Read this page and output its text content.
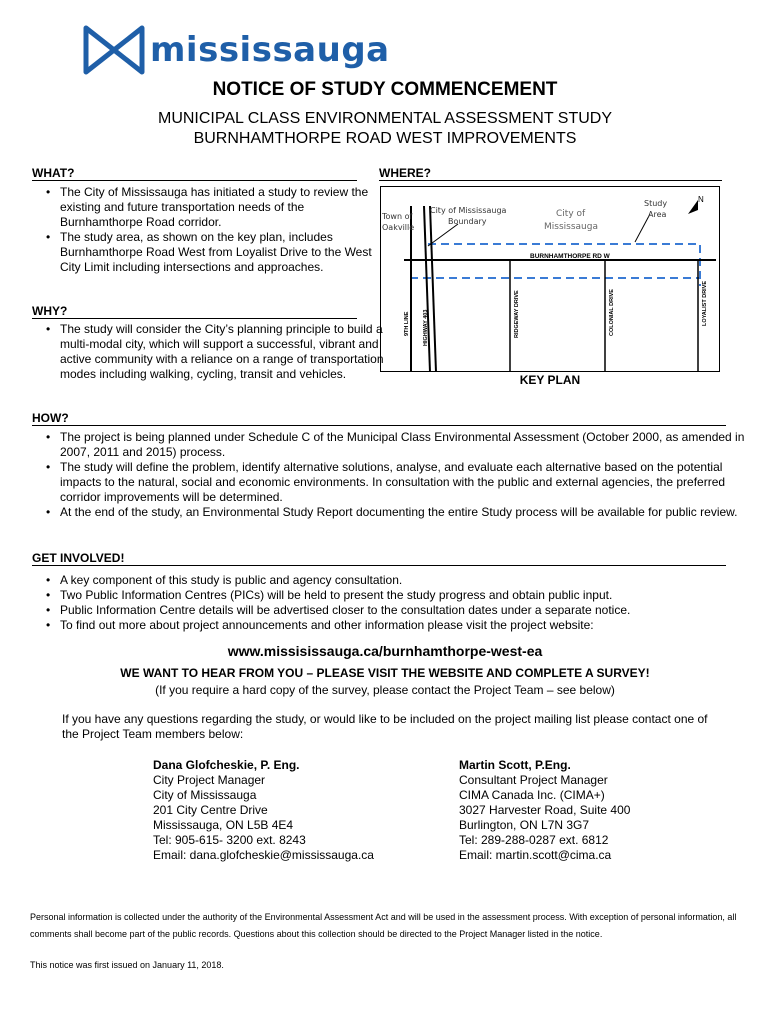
mississauga
NOTICE OF STUDY COMMENCEMENT
MUNICIPAL CLASS ENVIRONMENTAL ASSESSMENT STUDY
BURNHAMTHORPE ROAD WEST IMPROVEMENTS
WHAT?
• The City of Mississauga has initiated a study to review the existing and future transportation needs of the Burnhamthorpe Road corridor.
• The study area, as shown on the key plan, includes Burnhamthorpe Road West from Loyalist Drive to the West City Limit including intersections and approaches.
WHERE?
N
Town of
Oakville
City of Mississauga
Boundary
City of
Mississauga
Study
Area
BURNHAMTHORPE RD W
9TH LINE HIGHWAY 403	RIDGEWAY DRIVE	COLONIAL DRIVE	LOYALIST DRIVE
KEY PLAN
WHY?
• The study will consider the City’s planning principle to build a multi-modal city, which will support a successful, vibrant and active community with a reliance on a range of transportation modes including walking, cycling, transit and vehicles.
HOW?
• The project is being planned under Schedule C of the Municipal Class Environmental Assessment (October 2000, as amended in 2007, 2011 and 2015) process.
• The study will define the problem, identify alternative solutions, analyse, and evaluate each alternative based on the potential impacts to the natural, social and economic environments. In consultation with the public and external agencies, the preferred corridor improvements will be determined.
• At the end of the study, an Environmental Study Report documenting the entire Study process will be available for public review.
GET INVOLVED!
• A key component of this study is public and agency consultation.
• Two Public Information Centres (PICs) will be held to present the study progress and obtain public input.
• Public Information Centre details will be advertised closer to the consultation dates under a separate notice.
• To find out more about project announcements and other information please visit the project website:
www.missisissauga.ca/burnhamthorpe-west-ea
WE WANT TO HEAR FROM YOU – PLEASE VISIT THE WEBSITE AND COMPLETE A SURVEY!
(If you require a hard copy of the survey, please contact the Project Team – see below)
If you have any questions regarding the study, or would like to be included on the project mailing list please contact one of the Project Team members below:
Dana Glofcheskie, P. Eng.
City Project Manager
City of Mississauga
201 City Centre Drive
Mississauga, ON L5B 4E4
Tel: 905-615- 3200 ext. 8243
Email: dana.glofcheskie@mississauga.ca
Martin Scott, P.Eng.
Consultant Project Manager
CIMA Canada Inc. (CIMA+)
3027 Harvester Road, Suite 400
Burlington, ON L7N 3G7
Tel: 289-288-0287 ext. 6812
Email: martin.scott@cima.ca
Personal information is collected under the authority of the Environmental Assessment Act and will be used in the assessment process. With exception of personal information, all comments shall become part of the public records. Questions about this collection should be directed to the Project Manager listed in the notice.
This notice was first issued on January 11, 2018.
